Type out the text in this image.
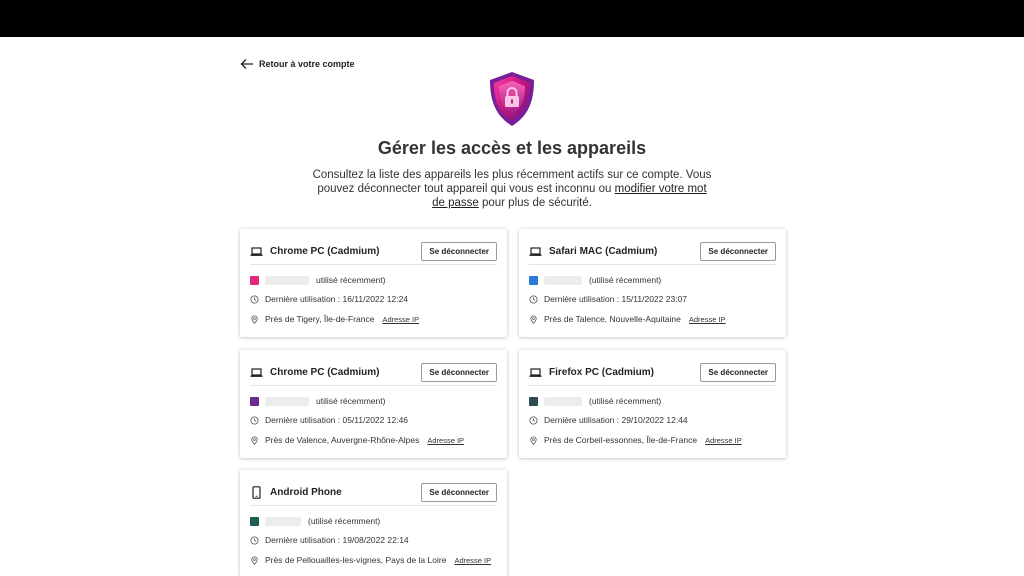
Retour à votre compte
Gérer les accès et les appareils
Consultez la liste des appareils les plus récemment actifs sur ce compte. Vous pouvez déconnecter tout appareil qui vous est inconnu ou modifier votre mot de passe pour plus de sécurité.
Chrome PC (Cadmium)	Se déconnecter
utilisé récemment)
Dernière utilisation : 16/11/2022 12:24
Près de Tigery, Île-de-France Adresse IP
Safari MAC (Cadmium)	Se déconnecter
(utilisé récemment)
Dernière utilisation : 15/11/2022 23:07
Près de Talence, Nouvelle-Aquitaine Adresse IP
Chrome PC (Cadmium)	Se déconnecter
utilisé récemment)
Dernière utilisation : 05/11/2022 12:46
Près de Valence, Auvergne-Rhône-Alpes Adresse IP
Firefox PC (Cadmium)	Se déconnecter
(utilisé récemment)
Dernière utilisation : 29/10/2022 12:44
Près de Corbeil-essonnes, Île-de-France Adresse IP
Android Phone	Se déconnecter
(utilisé récemment)
Dernière utilisation : 19/08/2022 22:14
Près de Pellouailles-les-vignes, Pays de la Loire Adresse IP
